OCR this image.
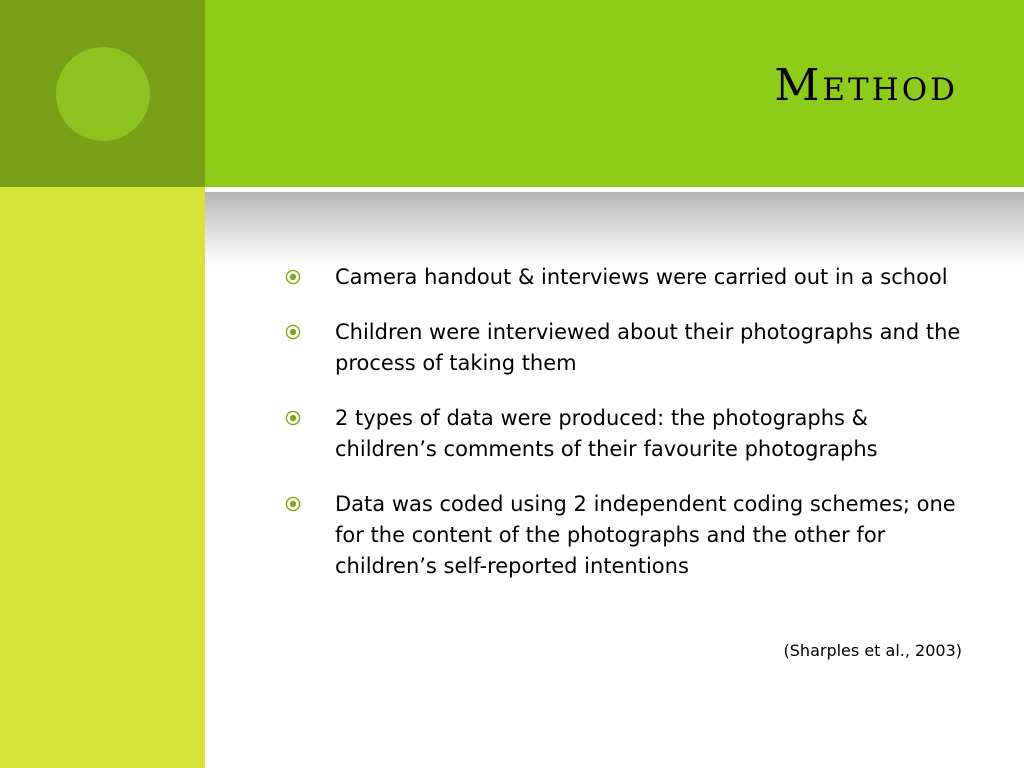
Method
Camera handout & interviews were carried out in a school
Children were interviewed about their photographs and the process of taking them
2 types of data were produced: the photographs & children’s comments of their favourite photographs
Data was coded using 2 independent coding schemes; one for the content of the photographs and the other for children’s self-reported intentions

(Sharples et al., 2003)
